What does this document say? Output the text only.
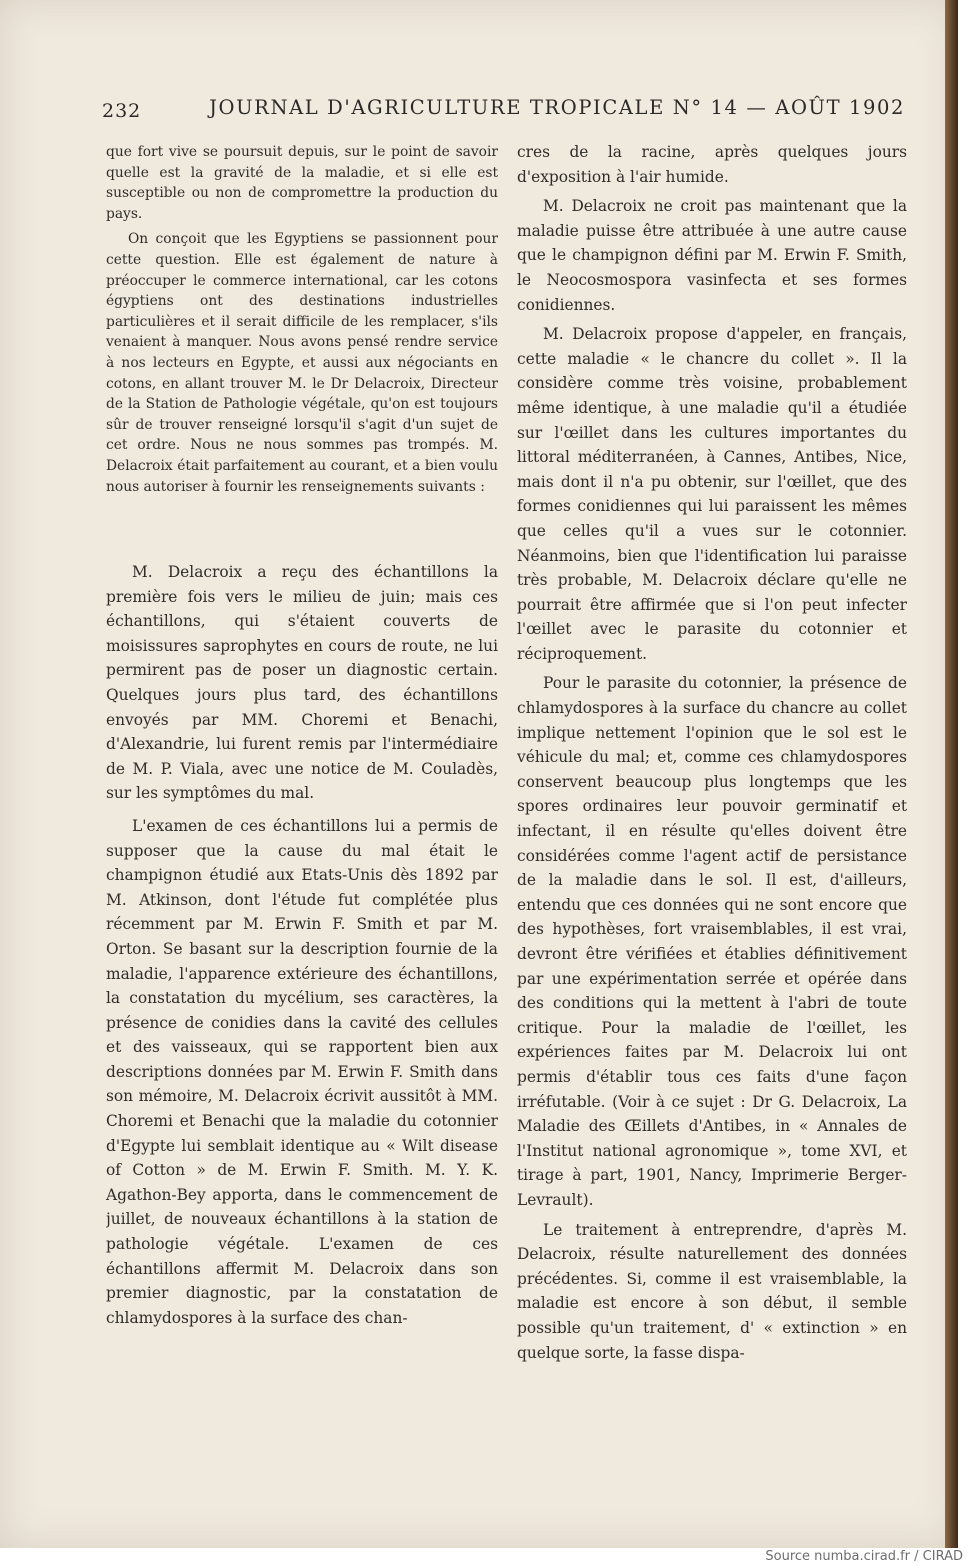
232	JOURNAL D'AGRICULTURE TROPICALE N° 14 — AOÛT 1902

que fort vive se poursuit depuis, sur le point de savoir quelle est la gravité de la maladie, et si elle est susceptible ou non de compromettre la production du pays.

On conçoit que les Egyptiens se passionnent pour cette question. Elle est également de nature à préoccuper le commerce international, car les cotons égyptiens ont des destinations industrielles particulières et il serait difficile de les remplacer, s'ils venaient à manquer. Nous avons pensé rendre service à nos lecteurs en Egypte, et aussi aux négociants en cotons, en allant trouver M. le Dr Delacroix, Directeur de la Station de Pathologie végétale, qu'on est toujours sûr de trouver renseigné lorsqu'il s'agit d'un sujet de cet ordre. Nous ne nous sommes pas trompés. M. Delacroix était parfaitement au courant, et a bien voulu nous autoriser à fournir les renseignements suivants :

M. Delacroix a reçu des échantillons la première fois vers le milieu de juin; mais ces échantillons, qui s'étaient couverts de moisissures saprophytes en cours de route, ne lui permirent pas de poser un diagnostic certain. Quelques jours plus tard, des échantillons envoyés par MM. Choremi et Benachi, d'Alexandrie, lui furent remis par l'intermédiaire de M. P. Viala, avec une notice de M. Couladès, sur les symptômes du mal.

L'examen de ces échantillons lui a permis de supposer que la cause du mal était le champignon étudié aux Etats-Unis dès 1892 par M. Atkinson, dont l'étude fut complétée plus récemment par M. Erwin F. Smith et par M. Orton. Se basant sur la description fournie de la maladie, l'apparence extérieure des échantillons, la constatation du mycélium, ses caractères, la présence de conidies dans la cavité des cellules et des vaisseaux, qui se rapportent bien aux descriptions données par M. Erwin F. Smith dans son mémoire, M. Delacroix écrivit aussitôt à MM. Choremi et Benachi que la maladie du cotonnier d'Egypte lui semblait identique au « Wilt disease of Cotton » de M. Erwin F. Smith. M. Y. K. Agathon-Bey apporta, dans le commencement de juillet, de nouveaux échantillons à la station de pathologie végétale. L'examen de ces échantillons affermit M. Delacroix dans son premier diagnostic, par la constatation de chlamydospores à la surface des chan-

cres de la racine, après quelques jours d'exposition à l'air humide.

M. Delacroix ne croit pas maintenant que la maladie puisse être attribuée à une autre cause que le champignon défini par M. Erwin F. Smith, le Neocosmospora vasinfecta et ses formes conidiennes.

M. Delacroix propose d'appeler, en français, cette maladie « le chancre du collet ». Il la considère comme très voisine, probablement même identique, à une maladie qu'il a étudiée sur l'œillet dans les cultures importantes du littoral méditerranéen, à Cannes, Antibes, Nice, mais dont il n'a pu obtenir, sur l'œillet, que des formes conidiennes qui lui paraissent les mêmes que celles qu'il a vues sur le cotonnier. Néanmoins, bien que l'identification lui paraisse très probable, M. Delacroix déclare qu'elle ne pourrait être affirmée que si l'on peut infecter l'œillet avec le parasite du cotonnier et réciproquement.

Pour le parasite du cotonnier, la présence de chlamydospores à la surface du chancre au collet implique nettement l'opinion que le sol est le véhicule du mal; et, comme ces chlamydospores conservent beaucoup plus longtemps que les spores ordinaires leur pouvoir germinatif et infectant, il en résulte qu'elles doivent être considérées comme l'agent actif de persistance de la maladie dans le sol. Il est, d'ailleurs, entendu que ces données qui ne sont encore que des hypothèses, fort vraisemblables, il est vrai, devront être vérifiées et établies définitivement par une expérimentation serrée et opérée dans des conditions qui la mettent à l'abri de toute critique. Pour la maladie de l'œillet, les expériences faites par M. Delacroix lui ont permis d'établir tous ces faits d'une façon irréfutable. (Voir à ce sujet : Dr G. Delacroix, La Maladie des Œillets d'Antibes, in « Annales de l'Institut national agronomique », tome XVI, et tirage à part, 1901, Nancy, Imprimerie Berger-Levrault).

Le traitement à entreprendre, d'après M. Delacroix, résulte naturellement des données précédentes. Si, comme il est vraisemblable, la maladie est encore à son début, il semble possible qu'un traitement, d' « extinction » en quelque sorte, la fasse dispa-

Source numba.cirad.fr / CIRAD
